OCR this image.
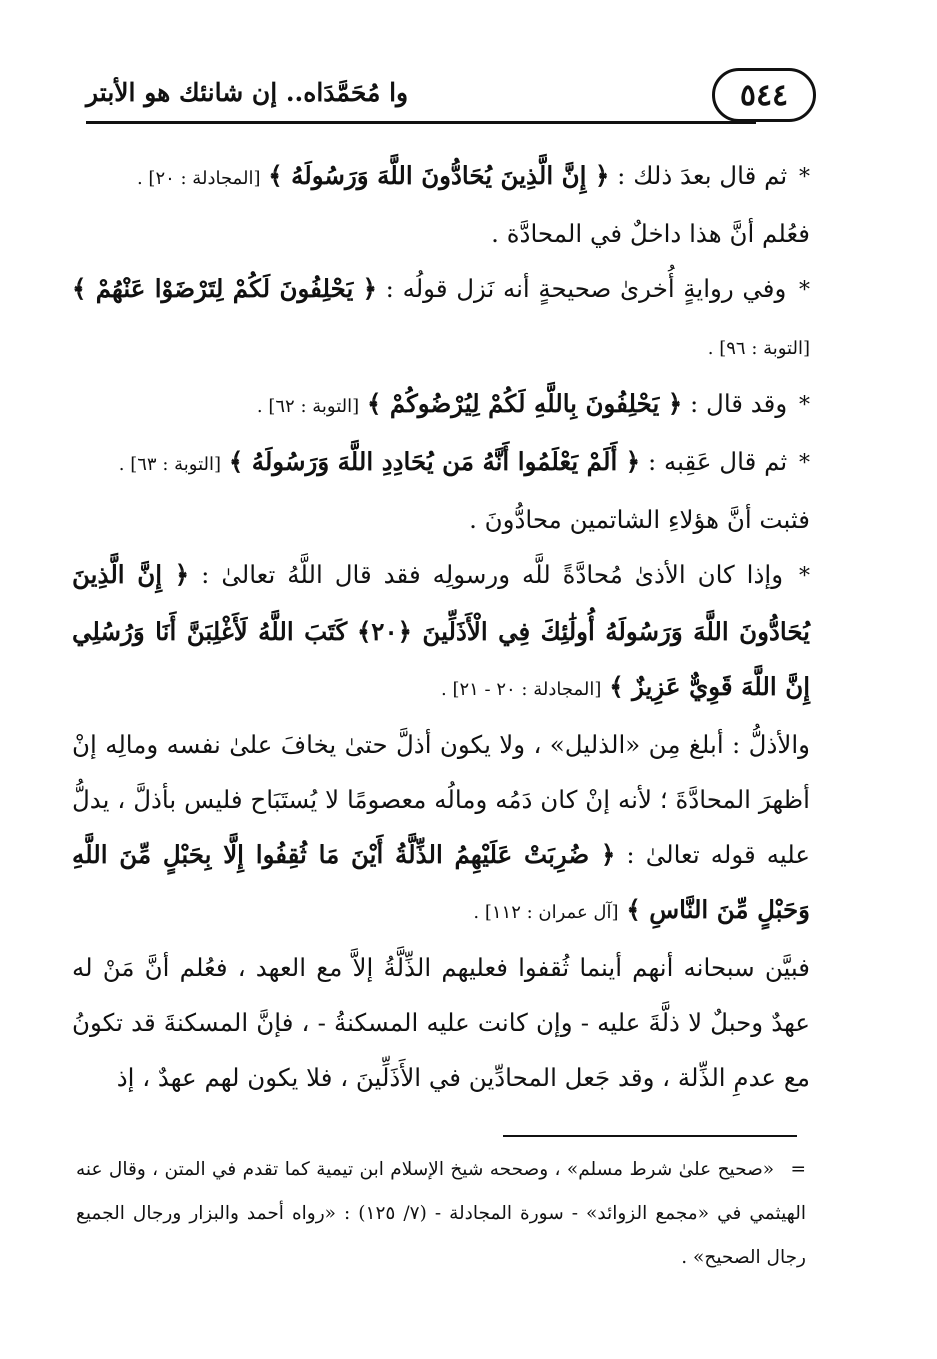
٥٤٤
وا مُحَمَّدَاه.. إن شانئك هو الأبتر

* ثم قال بعدَ ذلك : ﴿ إِنَّ الَّذِينَ يُحَادُّونَ اللَّهَ وَرَسُولَهُ ﴾ [المجادلة : ٢٠] .

فعُلم أنَّ هذا داخلٌ في المحادَّة .

* وفي روايةٍ أُخرىٰ صحيحةٍ أنه نَزل قولُه : ﴿ يَحْلِفُونَ لَكُمْ لِتَرْضَوْا عَنْهُمْ ﴾ [التوبة : ٩٦] .

* وقد قال : ﴿ يَحْلِفُونَ بِاللَّهِ لَكُمْ لِيُرْضُوكُمْ ﴾ [التوبة : ٦٢] .

* ثم قال عَقِبه : ﴿ أَلَمْ يَعْلَمُوا أَنَّهُ مَن يُحَادِدِ اللَّهَ وَرَسُولَهُ ﴾ [التوبة : ٦٣] .

فثبت أنَّ هؤلاءِ الشاتمين محادُّونَ .

* وإذا كان الأذىٰ مُحادَّةً للَّه ورسولِه فقد قال اللَّهُ تعالىٰ : ﴿ إِنَّ الَّذِينَ يُحَادُّونَ اللَّهَ وَرَسُولَهُ أُولَٰئِكَ فِي الْأَذَلِّينَ ﴿٢٠﴾ كَتَبَ اللَّهُ لَأَغْلِبَنَّ أَنَا وَرُسُلِي إِنَّ اللَّهَ قَوِيٌّ عَزِيزٌ ﴾ [المجادلة : ٢٠ - ٢١] .

والأذلُّ : أبلغ مِن «الذليل» ، ولا يكون أذلَّ حتىٰ يخافَ علىٰ نفسه ومالِه إنْ أظهرَ المحادَّةَ ؛ لأنه إنْ كان دَمُه ومالُه معصومًا لا يُستَبَاح فليس بأذلَّ ، يدلُّ عليه قوله تعالىٰ : ﴿ ضُرِبَتْ عَلَيْهِمُ الذِّلَّةُ أَيْنَ مَا ثُقِفُوا إِلَّا بِحَبْلٍ مِّنَ اللَّهِ وَحَبْلٍ مِّنَ النَّاسِ ﴾ [آل عمران : ١١٢] .

فبيَّن سبحانه أنهم أينما ثُقفوا فعليهم الذِّلَّةُ إلاَّ مع العهد ، فعُلم أنَّ مَنْ له عهدٌ وحبلٌ لا ذلَّةَ عليه - وإن كانت عليه المسكنةُ - ، فإنَّ المسكنةَ قد تكونُ مع عدمِ الذِّلة ، وقد جَعل المحادِّين في الأَذَلِّينَ ، فلا يكون لهم عهدٌ ، إذ

= «صحيح علىٰ شرط مسلم» ، وصححه شيخ الإسلام ابن تيمية كما تقدم في المتن ، وقال عنه الهيثمي في «مجمع الزوائد» - سورة المجادلة - (٧/ ١٢٥) : «رواه أحمد والبزار ورجال الجميع رجال الصحيح» .
